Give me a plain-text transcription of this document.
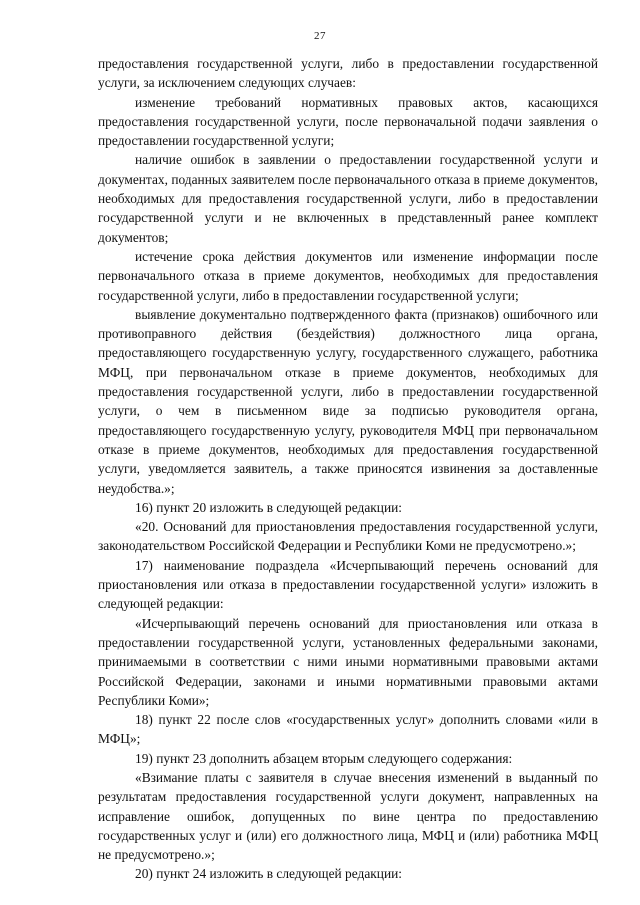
27

предоставления государственной услуги, либо в предоставлении государственной услуги, за исключением следующих случаев:

изменение требований нормативных правовых актов, касающихся предоставления государственной услуги, после первоначальной подачи заявления о предоставлении государственной услуги;

наличие ошибок в заявлении о предоставлении государственной услуги и документах, поданных заявителем после первоначального отказа в приеме документов, необходимых для предоставления государственной услуги, либо в предоставлении государственной услуги и не включенных в представленный ранее комплект документов;

истечение срока действия документов или изменение информации после первоначального отказа в приеме документов, необходимых для предоставления государственной услуги, либо в предоставлении государственной услуги;

выявление документально подтвержденного факта (признаков) ошибочного или противоправного действия (бездействия) должностного лица органа, предоставляющего государственную услугу, государственного служащего, работника МФЦ, при первоначальном отказе в приеме документов, необходимых для предоставления государственной услуги, либо в предоставлении государственной услуги, о чем в письменном виде за подписью руководителя органа, предоставляющего государственную услугу, руководителя МФЦ при первоначальном отказе в приеме документов, необходимых для предоставления государственной услуги, уведомляется заявитель, а также приносятся извинения за доставленные неудобства.»;

16) пункт 20 изложить в следующей редакции:

«20. Оснований для приостановления предоставления государственной услуги, законодательством Российской Федерации и Республики Коми не предусмотрено.»;

17) наименование подраздела «Исчерпывающий перечень оснований для приостановления или отказа в предоставлении государственной услуги» изложить в следующей редакции:

«Исчерпывающий перечень оснований для приостановления или отказа в предоставлении государственной услуги, установленных федеральными законами, принимаемыми в соответствии с ними иными нормативными правовыми актами Российской Федерации, законами и иными нормативными правовыми актами Республики Коми»;

18) пункт 22 после слов «государственных услуг» дополнить словами «или в МФЦ»;

19) пункт 23 дополнить абзацем вторым следующего содержания:

«Взимание платы с заявителя в случае внесения изменений в выданный по результатам предоставления государственной услуги документ, направленных на исправление ошибок, допущенных по вине центра по предоставлению государственных услуг и (или) его должностного лица, МФЦ и (или) работника МФЦ не предусмотрено.»;

20) пункт 24 изложить в следующей редакции:
